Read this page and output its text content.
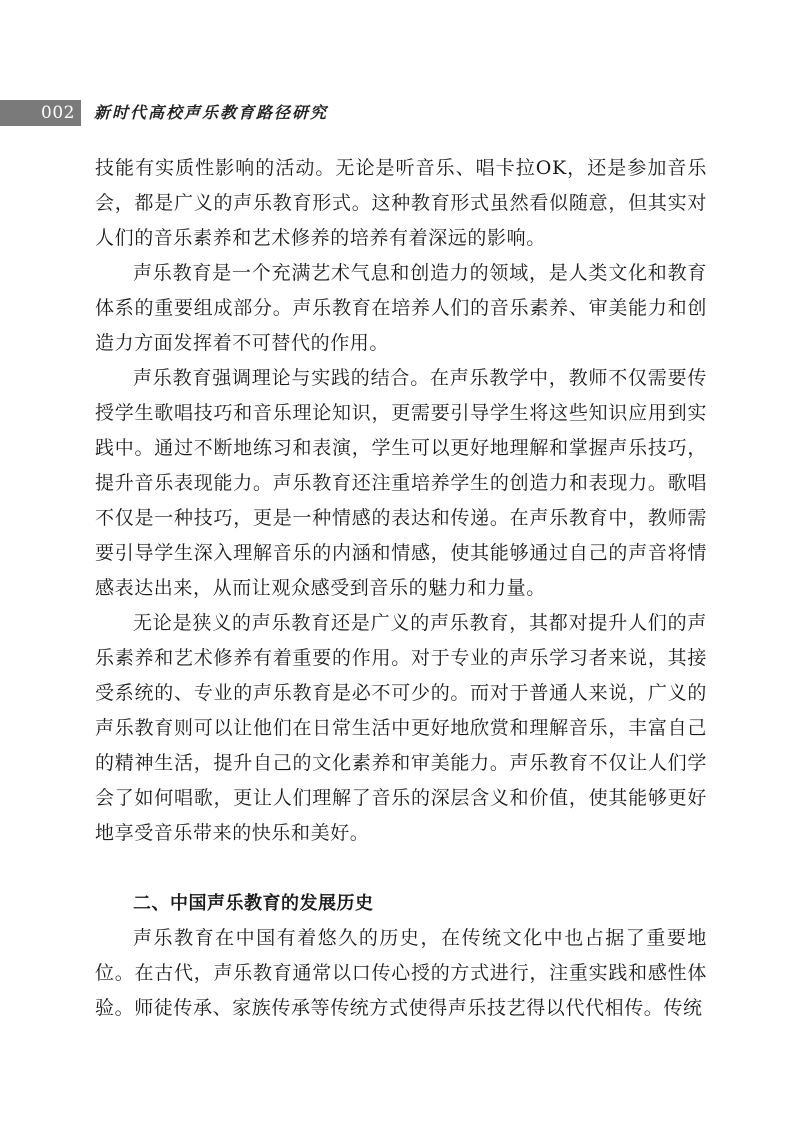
002	新时代高校声乐教育路径研究

技能有实质性影响的活动。无论是听音乐、唱卡拉OK，还是参加音乐会，都是广义的声乐教育形式。这种教育形式虽然看似随意，但其实对人们的音乐素养和艺术修养的培养有着深远的影响。

声乐教育是一个充满艺术气息和创造力的领域，是人类文化和教育体系的重要组成部分。声乐教育在培养人们的音乐素养、审美能力和创造力方面发挥着不可替代的作用。

声乐教育强调理论与实践的结合。在声乐教学中，教师不仅需要传授学生歌唱技巧和音乐理论知识，更需要引导学生将这些知识应用到实践中。通过不断地练习和表演，学生可以更好地理解和掌握声乐技巧，提升音乐表现能力。声乐教育还注重培养学生的创造力和表现力。歌唱不仅是一种技巧，更是一种情感的表达和传递。在声乐教育中，教师需要引导学生深入理解音乐的内涵和情感，使其能够通过自己的声音将情感表达出来，从而让观众感受到音乐的魅力和力量。

无论是狭义的声乐教育还是广义的声乐教育，其都对提升人们的声乐素养和艺术修养有着重要的作用。对于专业的声乐学习者来说，其接受系统的、专业的声乐教育是必不可少的。而对于普通人来说，广义的声乐教育则可以让他们在日常生活中更好地欣赏和理解音乐，丰富自己的精神生活，提升自己的文化素养和审美能力。声乐教育不仅让人们学会了如何唱歌，更让人们理解了音乐的深层含义和价值，使其能够更好地享受音乐带来的快乐和美好。

二、中国声乐教育的发展历史

声乐教育在中国有着悠久的历史，在传统文化中也占据了重要地位。在古代，声乐教育通常以口传心授的方式进行，注重实践和感性体验。师徒传承、家族传承等传统方式使得声乐技艺得以代代相传。传统
